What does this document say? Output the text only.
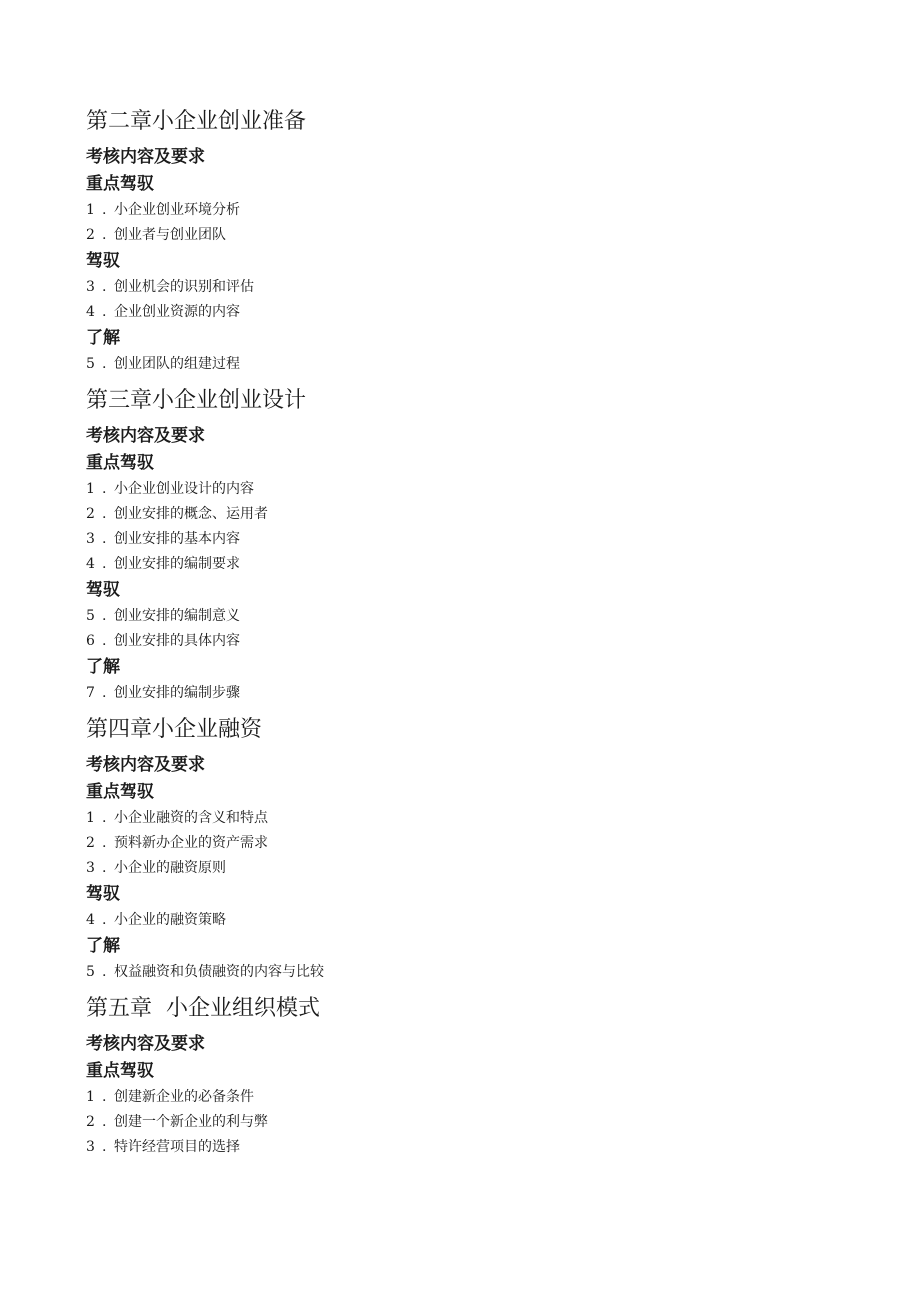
第二章小企业创业准备
考核内容及要求
重点驾驭
1 . 小企业创业环境分析
2 . 创业者与创业团队
驾驭
3 . 创业机会的识别和评估
4 . 企业创业资源的内容
了解
5 . 创业团队的组建过程
第三章小企业创业设计
考核内容及要求
重点驾驭
1 . 小企业创业设计的内容
2 . 创业安排的概念、运用者
3 . 创业安排的基本内容
4 . 创业安排的编制要求
驾驭
5 . 创业安排的编制意义
6 . 创业安排的具体内容
了解
7 . 创业安排的编制步骤
第四章小企业融资
考核内容及要求
重点驾驭
1 . 小企业融资的含义和特点
2 . 预料新办企业的资产需求
3 . 小企业的融资原则
驾驭
4 . 小企业的融资策略
了解
5 . 权益融资和负债融资的内容与比较
第五章  小企业组织模式
考核内容及要求
重点驾驭
1 . 创建新企业的必备条件
2 . 创建一个新企业的利与弊
3 . 特许经营项目的选择
